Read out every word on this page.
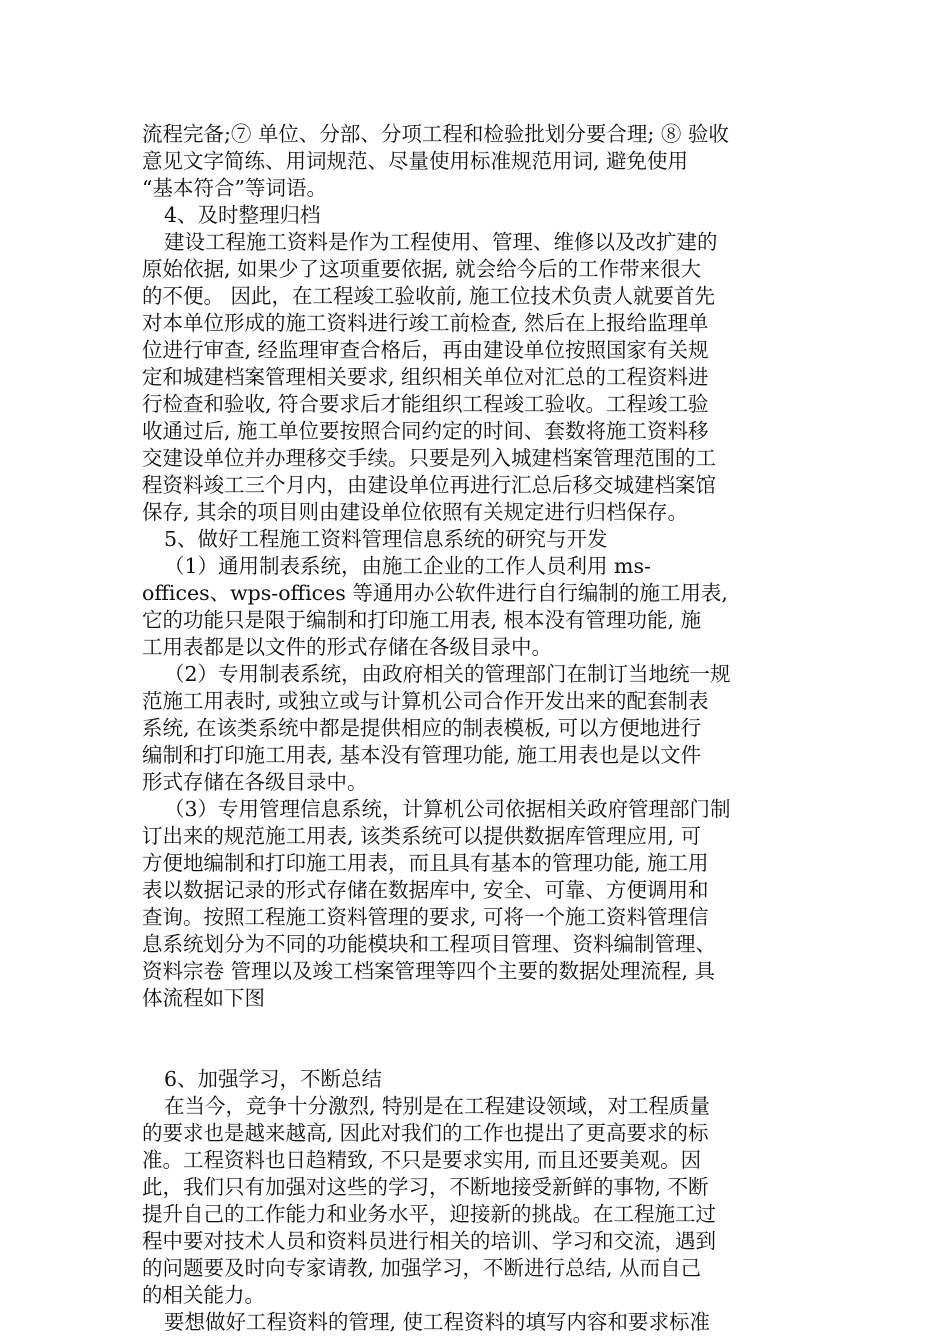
流程完备;⑦ 单位、分部、分项工程和检验批划分要合理; ⑧ 验收
意见文字简练、用词规范、尽量使用标准规范用词, 避免使用
“基本符合”等词语。
4、及时整理归档
建设工程施工资料是作为工程使用、管理、维修以及改扩建的
原始依据, 如果少了这项重要依据, 就会给今后的工作带来很大
的不便。 因此，在工程竣工验收前, 施工位技术负责人就要首先
对本单位形成的施工资料进行竣工前检查, 然后在上报给监理单
位进行审查, 经监理审查合格后，再由建设单位按照国家有关规
定和城建档案管理相关要求, 组织相关单位对汇总的工程资料进
行检查和验收, 符合要求后才能组织工程竣工验收。工程竣工验
收通过后, 施工单位要按照合同约定的时间、套数将施工资料移
交建设单位并办理移交手续。只要是列入城建档案管理范围的工
程资料竣工三个月内，由建设单位再进行汇总后移交城建档案馆
保存, 其余的项目则由建设单位依照有关规定进行归档保存。
5、做好工程施工资料管理信息系统的研究与开发
（1）通用制表系统，由施工企业的工作人员利用 ms-
offices、wps-offices 等通用办公软件进行自行编制的施工用表,
它的功能只是限于编制和打印施工用表, 根本没有管理功能, 施
工用表都是以文件的形式存储在各级目录中。
（2）专用制表系统，由政府相关的管理部门在制订当地统一规
范施工用表时, 或独立或与计算机公司合作开发出来的配套制表
系统, 在该类系统中都是提供相应的制表模板, 可以方便地进行
编制和打印施工用表, 基本没有管理功能, 施工用表也是以文件
形式存储在各级目录中。
（3）专用管理信息系统，计算机公司依据相关政府管理部门制
订出来的规范施工用表, 该类系统可以提供数据库管理应用, 可
方便地编制和打印施工用表，而且具有基本的管理功能, 施工用
表以数据记录的形式存储在数据库中, 安全、可靠、方便调用和
查询。按照工程施工资料管理的要求, 可将一个施工资料管理信
息系统划分为不同的功能模块和工程项目管理、资料编制管理、
资料宗卷 管理以及竣工档案管理等四个主要的数据处理流程, 具
体流程如下图
6、加强学习，不断总结
在当今，竞争十分激烈, 特别是在工程建设领域，对工程质量
的要求也是越来越高, 因此对我们的工作也提出了更高要求的标
准。工程资料也日趋精致, 不只是要求实用, 而且还要美观。因
此，我们只有加强对这些的学习，不断地接受新鲜的事物, 不断
提升自己的工作能力和业务水平，迎接新的挑战。在工程施工过
程中要对技术人员和资料员进行相关的培训、学习和交流，遇到
的问题要及时向专家请教, 加强学习，不断进行总结, 从而自己
的相关能力。
要想做好工程资料的管理, 使工程资料的填写内容和要求标准
